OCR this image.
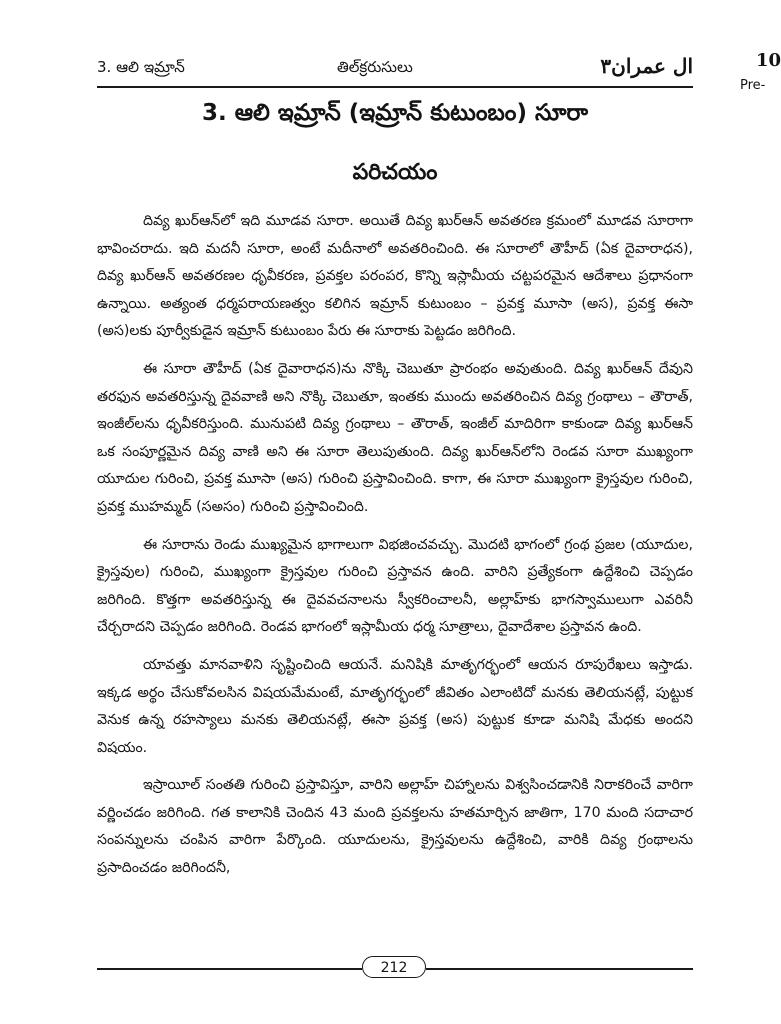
3. ఆలి ఇమ్రాన్	తిల్‌క్రరుసులు	ال عمران٣	10
Pre-
3. ఆలి ఇమ్రాన్ (ఇమ్రాన్ కుటుంబం) సూరా
పరిచయం

దివ్య ఖుర్‌ఆన్‌లో ఇది మూడవ సూరా. అయితే దివ్య ఖుర్‌ఆన్ అవతరణ క్రమంలో మూడవ సూరాగా భావించరాదు. ఇది మదనీ సూరా, అంటే మదీనాలో అవతరించింది. ఈ సూరాలో తౌహీద్ (ఏక దైవారాధన), దివ్య ఖుర్‌ఆన్ అవతరణల ధృవీకరణ, ప్రవక్తల పరంపర, కొన్ని ఇస్లామీయ చట్టపరమైన ఆదేశాలు ప్రధానంగా ఉన్నాయి. అత్యంత ధర్మపరాయణత్వం కలిగిన ఇమ్రాన్ కుటుంబం – ప్రవక్త మూసా (అస), ప్రవక్త ఈసా (అస)లకు పూర్వీకుడైన ఇమ్రాన్ కుటుంబం పేరు ఈ సూరాకు పెట్టడం జరిగింది.

ఈ సూరా తౌహీద్ (ఏక దైవారాధన)ను నొక్కి చెబుతూ ప్రారంభం అవుతుంది. దివ్య ఖుర్‌ఆన్ దేవుని తరఫున అవతరిస్తున్న దైవవాణి అని నొక్కి చెబుతూ, ఇంతకు ముందు అవతరించిన దివ్య గ్రంథాలు – తౌరాత్, ఇంజీల్‌లను ధృవీకరిస్తుంది. మునుపటి దివ్య గ్రంథాలు – తౌరాత్, ఇంజీల్ మాదిరిగా కాకుండా దివ్య ఖుర్‌ఆన్ ఒక సంపూర్ణమైన దివ్య వాణి అని ఈ సూరా తెలుపుతుంది. దివ్య ఖుర్‌ఆన్‌లోని రెండవ సూరా ముఖ్యంగా యూదుల గురించి, ప్రవక్త మూసా (అస) గురించి ప్రస్తావించింది. కాగా, ఈ సూరా ముఖ్యంగా క్రైస్తవుల గురించి, ప్రవక్త ముహమ్మద్ (సఅసం) గురించి ప్రస్తావించింది.

ఈ సూరాను రెండు ముఖ్యమైన భాగాలుగా విభజించవచ్చు. మొదటి భాగంలో గ్రంథ ప్రజల (యూదుల, క్రైస్తవుల) గురించి, ముఖ్యంగా క్రైస్తవుల గురించి ప్రస్తావన ఉంది. వారిని ప్రత్యేకంగా ఉద్దేశించి చెప్పడం జరిగింది. కొత్తగా అవతరిస్తున్న ఈ దైవవచనాలను స్వీకరించాలనీ, అల్లాహ్‌కు భాగస్వాములుగా ఎవరినీ చేర్చరాదని చెప్పడం జరిగింది. రెండవ భాగంలో ఇస్లామీయ ధర్మ సూత్రాలు, దైవాదేశాల ప్రస్తావన ఉంది.

యావత్తు మానవాళిని సృష్టించింది ఆయనే. మనిషికి మాతృగర్భంలో ఆయన రూపురేఖలు ఇస్తాడు. ఇక్కడ అర్థం చేసుకోవలసిన విషయమేమంటే, మాతృగర్భంలో జీవితం ఎలాంటిదో మనకు తెలియనట్లే, పుట్టుక వెనుక ఉన్న రహస్యాలు మనకు తెలియనట్లే, ఈసా ప్రవక్త (అస) పుట్టుక కూడా మనిషి మేధకు అందని విషయం.

ఇస్రాయీల్ సంతతి గురించి ప్రస్తావిస్తూ, వారిని అల్లాహ్ చిహ్నాలను విశ్వసించడానికి నిరాకరించే వారిగా వర్ణించడం జరిగింది. గత కాలానికి చెందిన 43 మంది ప్రవక్తలను హతమార్చిన జాతిగా, 170 మంది సదాచార సంపన్నులను చంపిన వారిగా పేర్కొంది. యూదులను, క్రైస్తవులను ఉద్దేశించి, వారికి దివ్య గ్రంథాలను ప్రసాదించడం జరిగిందనీ,

212
